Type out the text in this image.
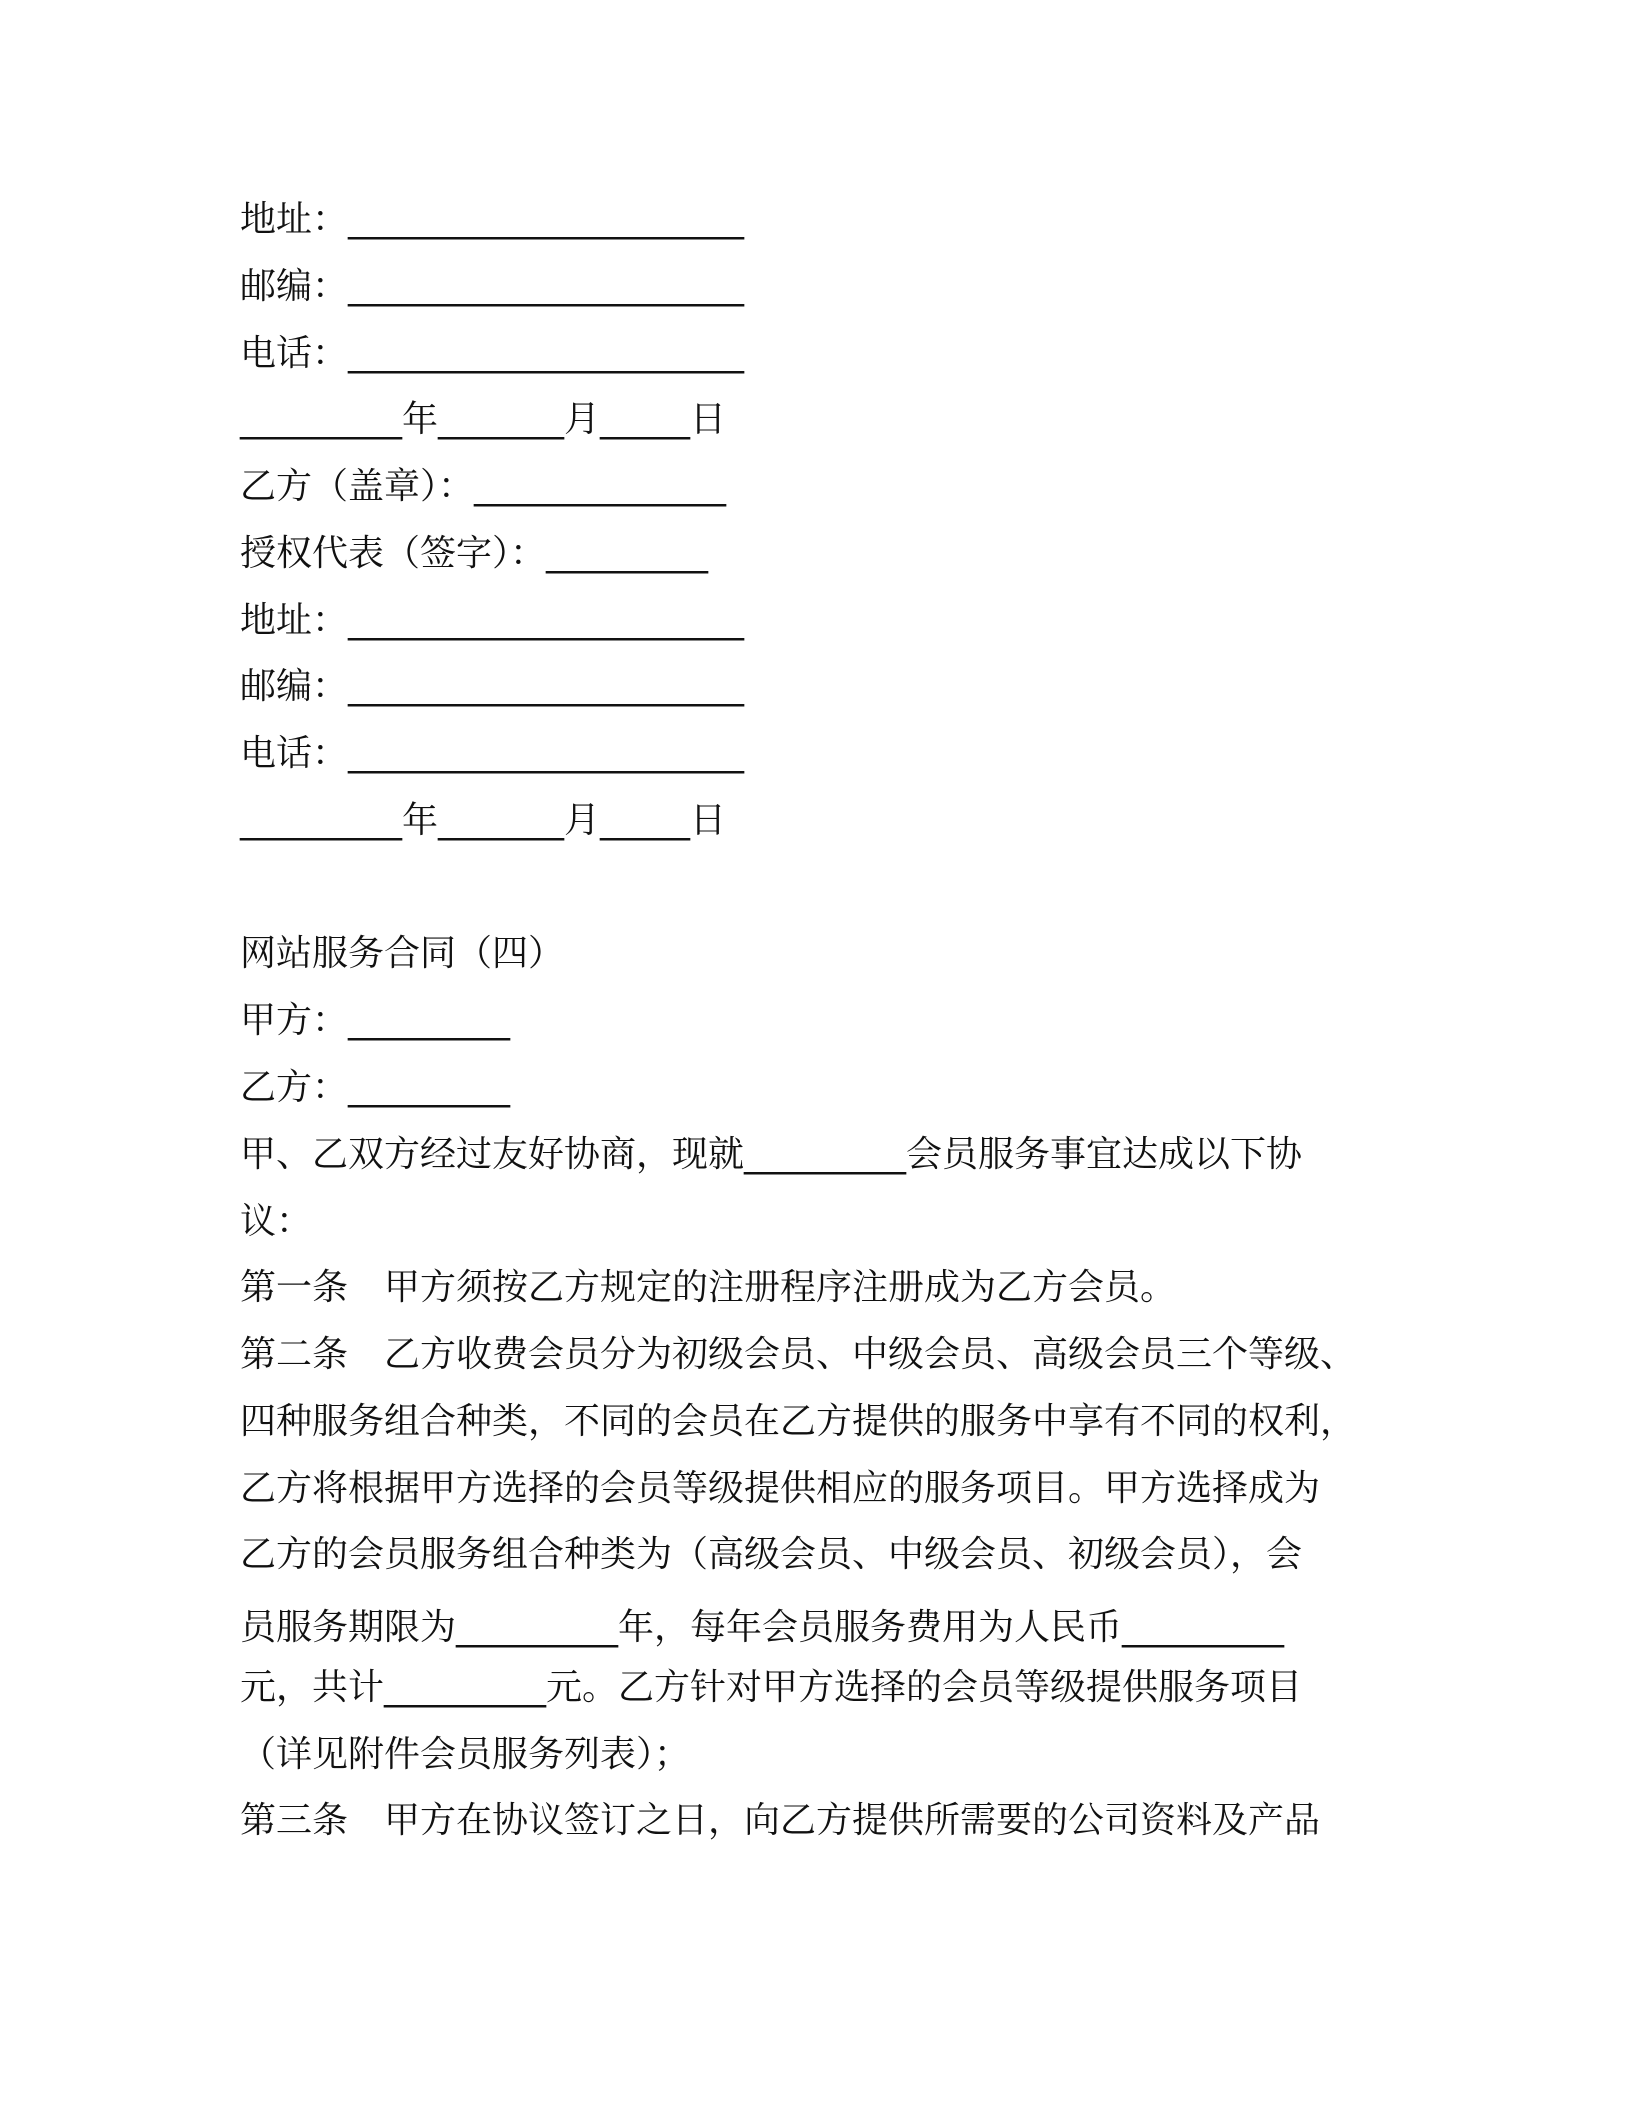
地址：______________________

邮编：______________________

电话：______________________

_________年_______月_____日

乙方（盖章）：______________

授权代表（签字）：_________

地址：______________________

邮编：______________________

电话：______________________

_________年_______月_____日

网站服务合同（四）

甲方：_________

乙方：_________

甲、乙双方经过友好协商，现就_________会员服务事宜达成以下协

议：

第一条　甲方须按乙方规定的注册程序注册成为乙方会员。

第二条　乙方收费会员分为初级会员、中级会员、高级会员三个等级、

四种服务组合种类，不同的会员在乙方提供的服务中享有不同的权利，

乙方将根据甲方选择的会员等级提供相应的服务项目。甲方选择成为

乙方的会员服务组合种类为（高级会员、中级会员、初级会员），会

员服务期限为_________年，每年会员服务费用为人民币_________

元，共计_________元。乙方针对甲方选择的会员等级提供服务项目

（详见附件会员服务列表）；

第三条　甲方在协议签订之日，向乙方提供所需要的公司资料及产品
